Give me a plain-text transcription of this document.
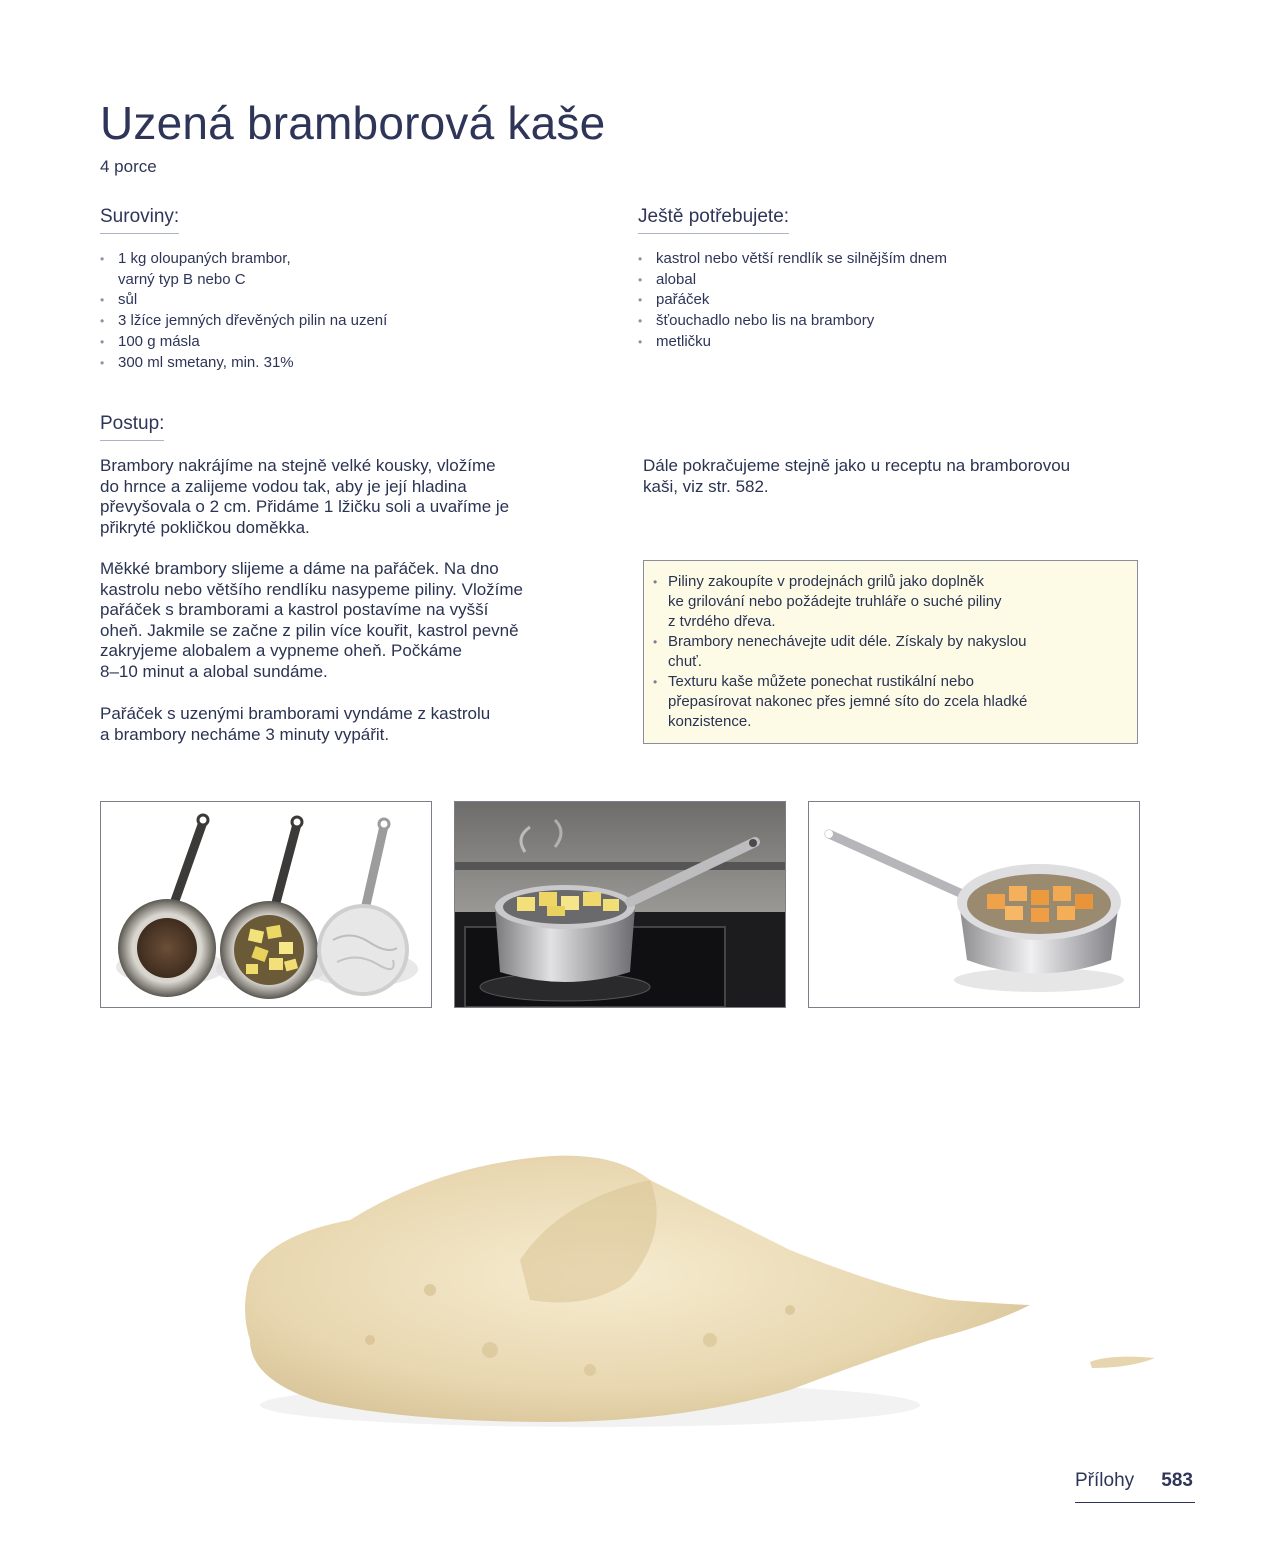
Uzená bramborová kaše
4 porce
Suroviny:
• 1 kg oloupaných brambor,
varný typ B nebo C
• sůl
• 3 lžíce jemných dřevěných pilin na uzení
• 100 g másla
• 300 ml smetany, min. 31%
Ještě potřebujete:
• kastrol nebo větší rendlík se silnějším dnem
• alobal
• pařáček
• šťouchadlo nebo lis na brambory
• metličku
Postup:

Brambory nakrájíme na stejně velké kousky, vložíme
do hrnce a zalijeme vodou tak, aby je její hladina
převyšovala o 2 cm. Přidáme 1 lžičku soli a uvaříme je
přikryté pokličkou doměkka.

Měkké brambory slijeme a dáme na pařáček. Na dno
kastrolu nebo většího rendlíku nasypeme piliny. Vložíme
pařáček s bramborami a kastrol postavíme na vyšší
oheň. Jakmile se začne z pilin více kouřit, kastrol pevně
zakryjeme alobalem a vypneme oheň. Počkáme
8–10 minut a alobal sundáme.

Pařáček s uzenými bramborami vyndáme z kastrolu
a brambory necháme 3 minuty vypářit.

Dále pokračujeme stejně jako u receptu na bramborovou
kaši, viz str. 582.

• Piliny zakoupíte v prodejnách grilů jako doplněk
ke grilování nebo požádejte truhláře o suché piliny
z tvrdého dřeva.
• Brambory nenechávejte udit déle. Získaly by nakyslou
chuť.
• Texturu kaše můžete ponechat rustikální nebo
přepasírovat nakonec přes jemné síto do zcela hladké
konzistence.
Přílohy 583
